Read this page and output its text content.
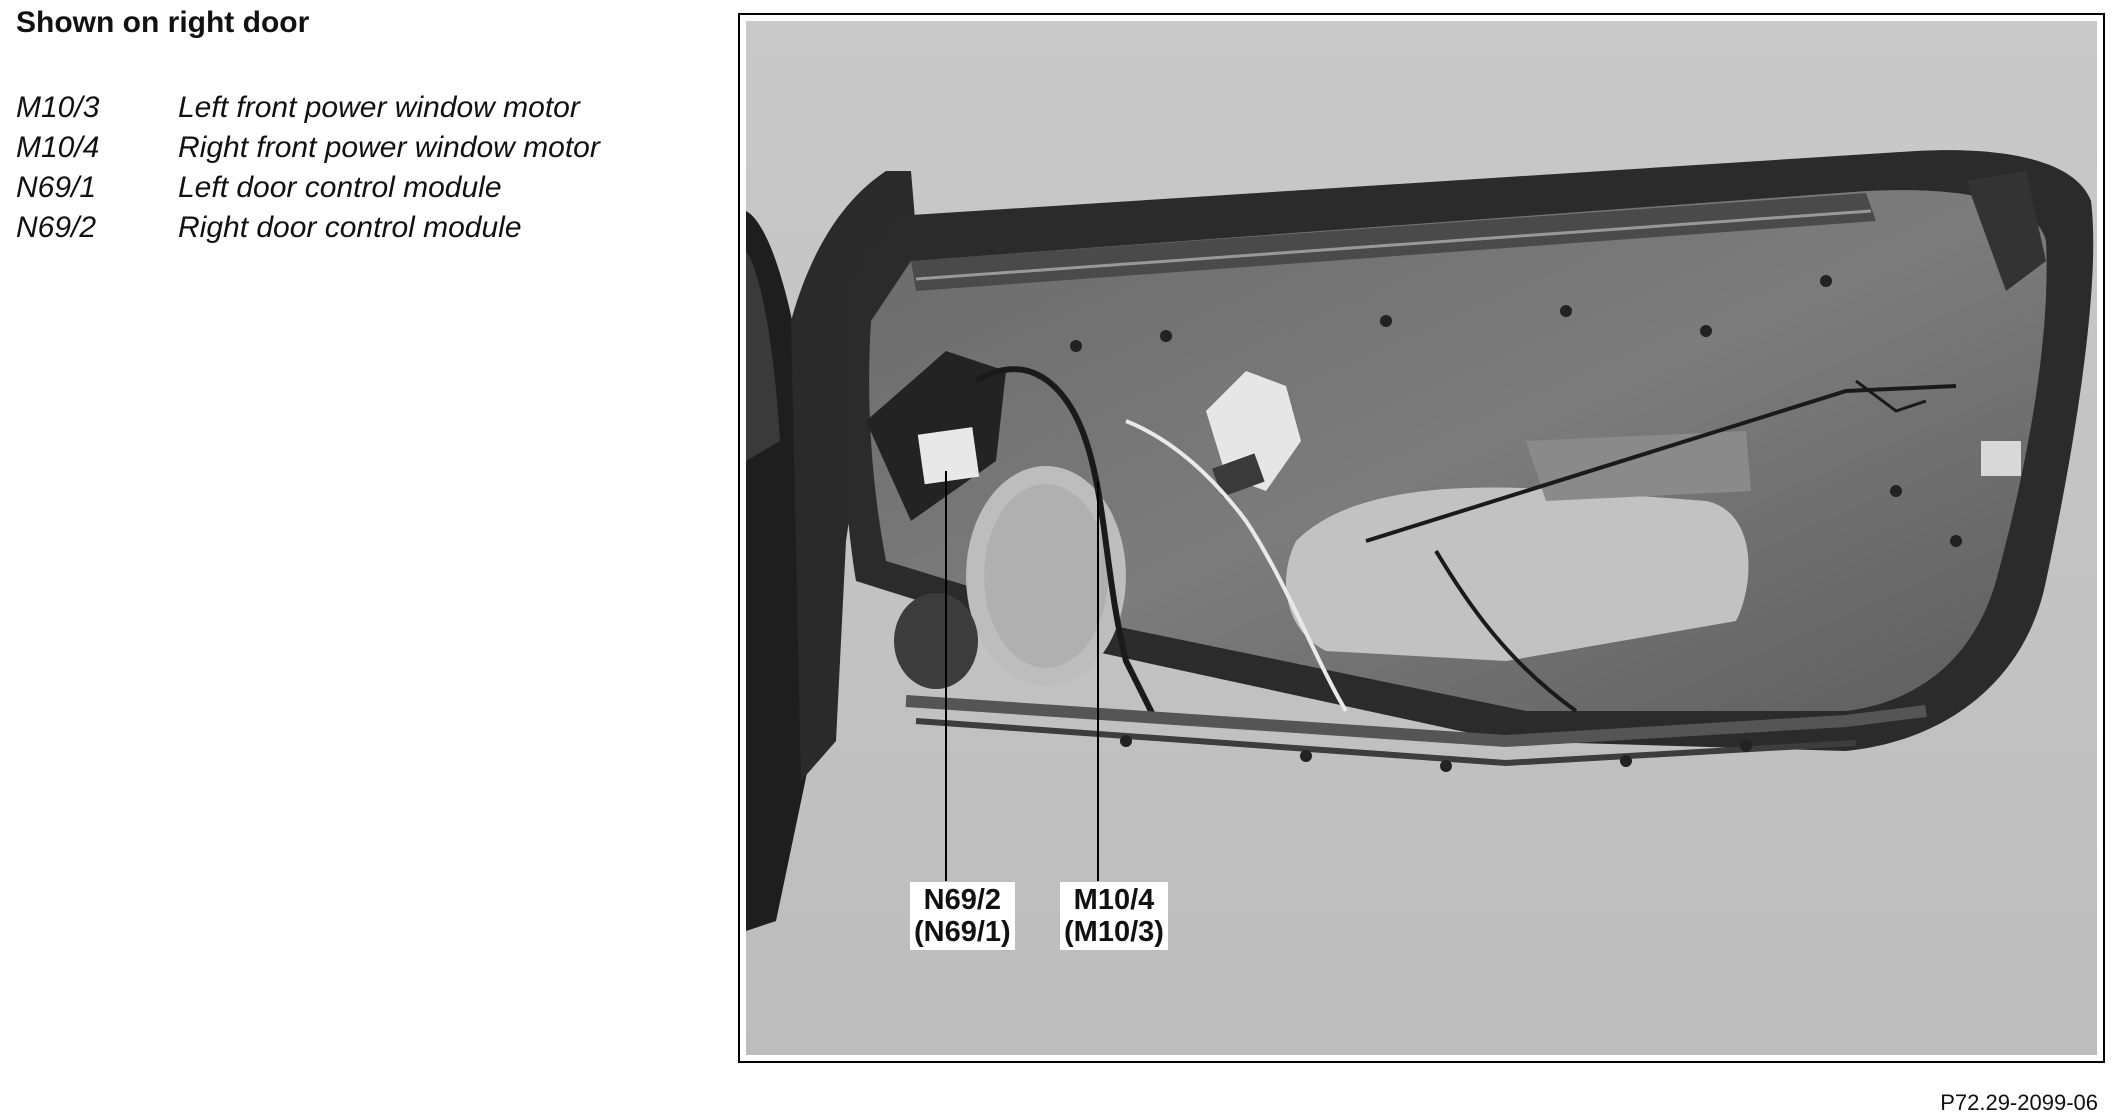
Shown on right door
M10/3	Left front power window motor
M10/4	Right front power window motor
N69/1	Left door control module
N69/2	Right door control module
N69/2
(N69/1)
M10/4
(M10/3)
P72.29-2099-06
